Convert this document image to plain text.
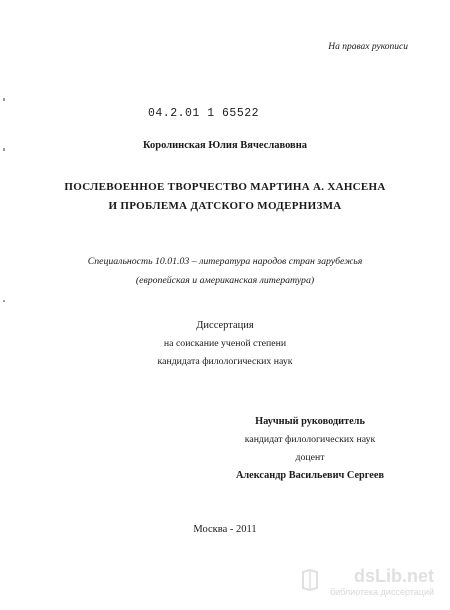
На правах рукописи
04.2.01 1 65522
Королинская Юлия Вячеславовна
ПОСЛЕВОЕННОЕ ТВОРЧЕСТВО МАРТИНА А. ХАНСЕНА
И ПРОБЛЕМА ДАТСКОГО МОДЕРНИЗМА
Специальность 10.01.03 – литература народов стран зарубежья
(европейская и американская литература)
Диссертация
на соискание ученой степени
кандидата филологических наук
Научный руководитель
кандидат филологических наук
доцент
Александр Васильевич Сергеев
Москва - 2011
dsLib.net
библиотека диссертаций
